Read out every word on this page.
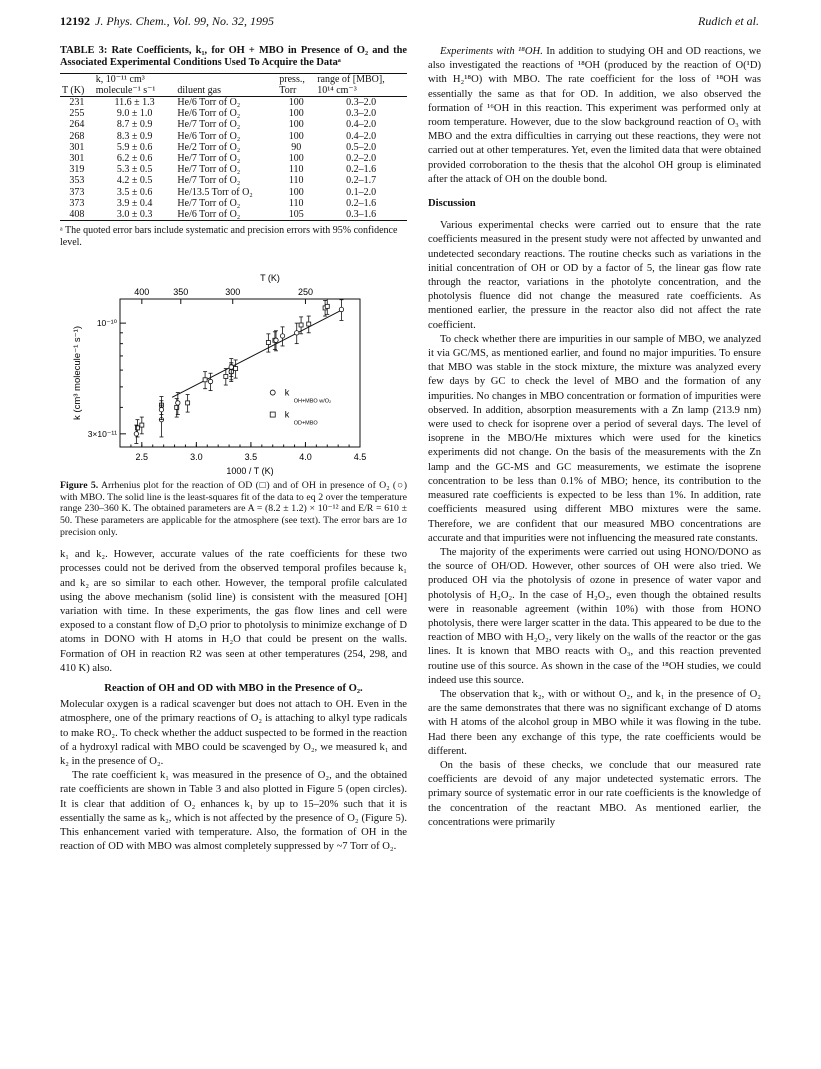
12192 J. Phys. Chem., Vol. 99, No. 32, 1995	Rudich et al.

TABLE 3: Rate Coefficients, k₁, for OH + MBO in Presence of O₂ and the Associated Experimental Conditions Used To Acquire the Dataᵃ

	k, 10⁻¹¹ cm³		press.,	range of [MBO],
T (K)	molecule⁻¹ s⁻¹	diluent gas	Torr	10¹⁴ cm⁻³
231	11.6 ± 1.3	He/6 Torr of O₂	100	0.3–2.0
255	9.0 ± 1.0	He/6 Torr of O₂	100	0.3–2.0
264	8.7 ± 0.9	He/7 Torr of O₂	100	0.4–2.0
268	8.3 ± 0.9	He/6 Torr of O₂	100	0.4–2.0
301	5.9 ± 0.6	He/2 Torr of O₂	90	0.5–2.0
301	6.2 ± 0.6	He/7 Torr of O₂	100	0.2–2.0
319	5.3 ± 0.5	He/7 Torr of O₂	110	0.2–1.6
353	4.2 ± 0.5	He/7 Torr of O₂	110	0.2–1.7
373	3.5 ± 0.6	He/13.5 Torr of O₂	100	0.1–2.0
373	3.9 ± 0.4	He/7 Torr of O₂	110	0.2–1.6
408	3.0 ± 0.3	He/6 Torr of O₂	105	0.3–1.6
ᵃ The quoted error bars include systematic and precision errors with 95% confidence level.
2.5	3.0	3.5	4.0	4.5
400	350	300	250
T (K)
10⁻¹⁰
3×10⁻¹¹
1000 / T (K)
k (cm³ molecule⁻¹ s⁻¹)	k
OH+MBO w/O₂
k
OD+MBO
Figure 5. Arrhenius plot for the reaction of OD (□) and of OH in presence of O₂ (○) with MBO. The solid line is the least-squares fit of the data to eq 2 over the temperature range 230–360 K. The obtained parameters are A = (8.2 ± 1.2) × 10⁻¹² and E/R = 610 ± 50. These parameters are applicable for the atmosphere (see text). The error bars are 1σ precision only.

k₁ and k₂. However, accurate values of the rate coefficients for these two processes could not be derived from the observed temporal profiles because k₁ and k₂ are so similar to each other. However, the temporal profile calculated using the above mechanism (solid line) is consistent with the measured [OH] variation with time. In these experiments, the gas flow lines and cell were exposed to a constant flow of D₂O prior to photolysis to minimize exchange of D atoms in DONO with H atoms in H₂O that could be present on the walls. Formation of OH in reaction R2 was seen at other temperatures (254, 298, and 410 K) also.

Reaction of OH and OD with MBO in the Presence of O₂.

Molecular oxygen is a radical scavenger but does not attach to OH. Even in the atmosphere, one of the primary reactions of O₂ is attaching to alkyl type radicals to make RO₂. To check whether the adduct suspected to be formed in the reaction of a hydroxyl radical with MBO could be scavenged by O₂, we measured k₁ and k₂ in the presence of O₂.

The rate coefficient k₁ was measured in the presence of O₂, and the obtained rate coefficients are shown in Table 3 and also plotted in Figure 5 (open circles). It is clear that addition of O₂ enhances k₁ by up to 15–20% such that it is essentially the same as k₂, which is not affected by the presence of O₂ (Figure 5). This enhancement varied with temperature. Also, the formation of OH in the reaction of OD with MBO was almost completely suppressed by ~7 Torr of O₂.

Experiments with ¹⁸OH. In addition to studying OH and OD reactions, we also investigated the reactions of ¹⁸OH (produced by the reaction of O(¹D) with H₂¹⁸O) with MBO. The rate coefficient for the loss of ¹⁸OH was essentially the same as that for OD. In addition, we also observed the formation of ¹⁶OH in this reaction. This experiment was performed only at room temperature. However, due to the slow background reaction of O₃ with MBO and the extra difficulties in carrying out these reactions, they were not carried out at other temperatures. Yet, even the limited data that were obtained provided corroboration to the thesis that the alcohol OH group is eliminated after the attack of OH on the double bond.

Discussion

Various experimental checks were carried out to ensure that the rate coefficients measured in the present study were not affected by unwanted and undetected secondary reactions. The routine checks such as variations in the initial concentration of OH or OD by a factor of 5, the linear gas flow rate through the reactor, variations in the photolyte concentration, and the photolysis fluence did not change the measured rate coefficients. As mentioned earlier, the pressure in the reactor also did not affect the rate coefficient.

To check whether there are impurities in our sample of MBO, we analyzed it via GC/MS, as mentioned earlier, and found no major impurities. To ensure that MBO was stable in the stock mixture, the mixture was analyzed every few days by GC to check the level of MBO and the formation of any impurities. No changes in MBO concentration or formation of impurities were observed. In addition, absorption measurements with a Zn lamp (213.9 nm) were used to check for isoprene over a period of several days. The level of isoprene in the MBO/He mixtures which were used for the kinetics experiments did not change. On the basis of the measurements with the Zn lamp and the GC-MS and GC measurements, we estimate the isoprene concentration to be less than 0.1% of MBO; hence, its contribution to the measured rate coefficients is expected to be less than 1%. In addition, rate coefficients measured using different MBO mixtures were the same. Therefore, we are confident that our measured MBO concentrations are accurate and that impurities were not influencing the measured rate constants.

The majority of the experiments were carried out using HONO/DONO as the source of OH/OD. However, other sources of OH were also tried. We produced OH via the photolysis of ozone in presence of water vapor and photolysis of H₂O₂. In the case of H₂O₂, even though the obtained results were in reasonable agreement (within 10%) with those from HONO photolysis, there were larger scatter in the data. This appeared to be due to the reaction of MBO with H₂O₂, very likely on the walls of the reactor or the gas lines. It is known that MBO reacts with O₃, and this reaction prevented routine use of this source. As shown in the case of the ¹⁸OH studies, we could indeed use this source.

The observation that k₂, with or without O₂, and k₁ in the presence of O₂ are the same demonstrates that there was no significant exchange of D atoms with H atoms of the alcohol group in MBO while it was flowing in the tube. Had there been any exchange of this type, the rate coefficients would be different.

On the basis of these checks, we conclude that our measured rate coefficients are devoid of any major undetected systematic errors. The primary source of systematic error in our rate coefficients is the knowledge of the concentration of the reactant MBO. As mentioned earlier, the concentrations were primarily
